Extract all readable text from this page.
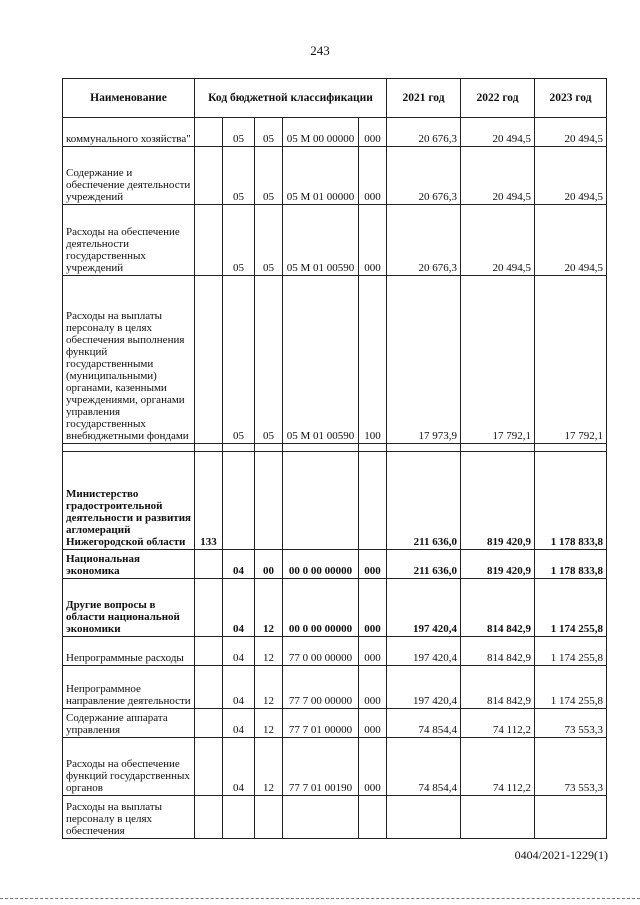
243
Наименование	Код бюджетной классификации					2021 год	2022 год	2023 год
коммунального хозяйства"		05	05	05 М 00 00000	000	20 676,3	20 494,5	20 494,5
Содержание и обеспечение деятельности учреждений		05	05	05 М 01 00000	000	20 676,3	20 494,5	20 494,5
Расходы на обеспечение деятельности государственных учреждений		05	05	05 М 01 00590	000	20 676,3	20 494,5	20 494,5
Расходы на выплаты персоналу в целях обеспечения выполнения функций государственными (муниципальными) органами, казенными учреждениями, органами управления государственных внебюджетными фондами		05	05	05 М 01 00590	100	17 973,9	17 792,1	17 792,1

Министерство градостроительной деятельности и развития агломераций Нижегородской области	133					211 636,0	819 420,9	1 178 833,8
Национальная экономика		04	00	00 0 00 00000	000	211 636,0	819 420,9	1 178 833,8
Другие вопросы в области национальной экономики		04	12	00 0 00 00000	000	197 420,4	814 842,9	1 174 255,8
Непрограммные расходы		04	12	77 0 00 00000	000	197 420,4	814 842,9	1 174 255,8
Непрограммное направление деятельности		04	12	77 7 00 00000	000	197 420,4	814 842,9	1 174 255,8
Содержание аппарата управления		04	12	77 7 01 00000	000	74 854,4	74 112,2	73 553,3
Расходы на обеспечение функций государственных органов		04	12	77 7 01 00190	000	74 854,4	74 112,2	73 553,3
Расходы на выплаты персоналу в целях обеспечения								
0404/2021-1229(1)
